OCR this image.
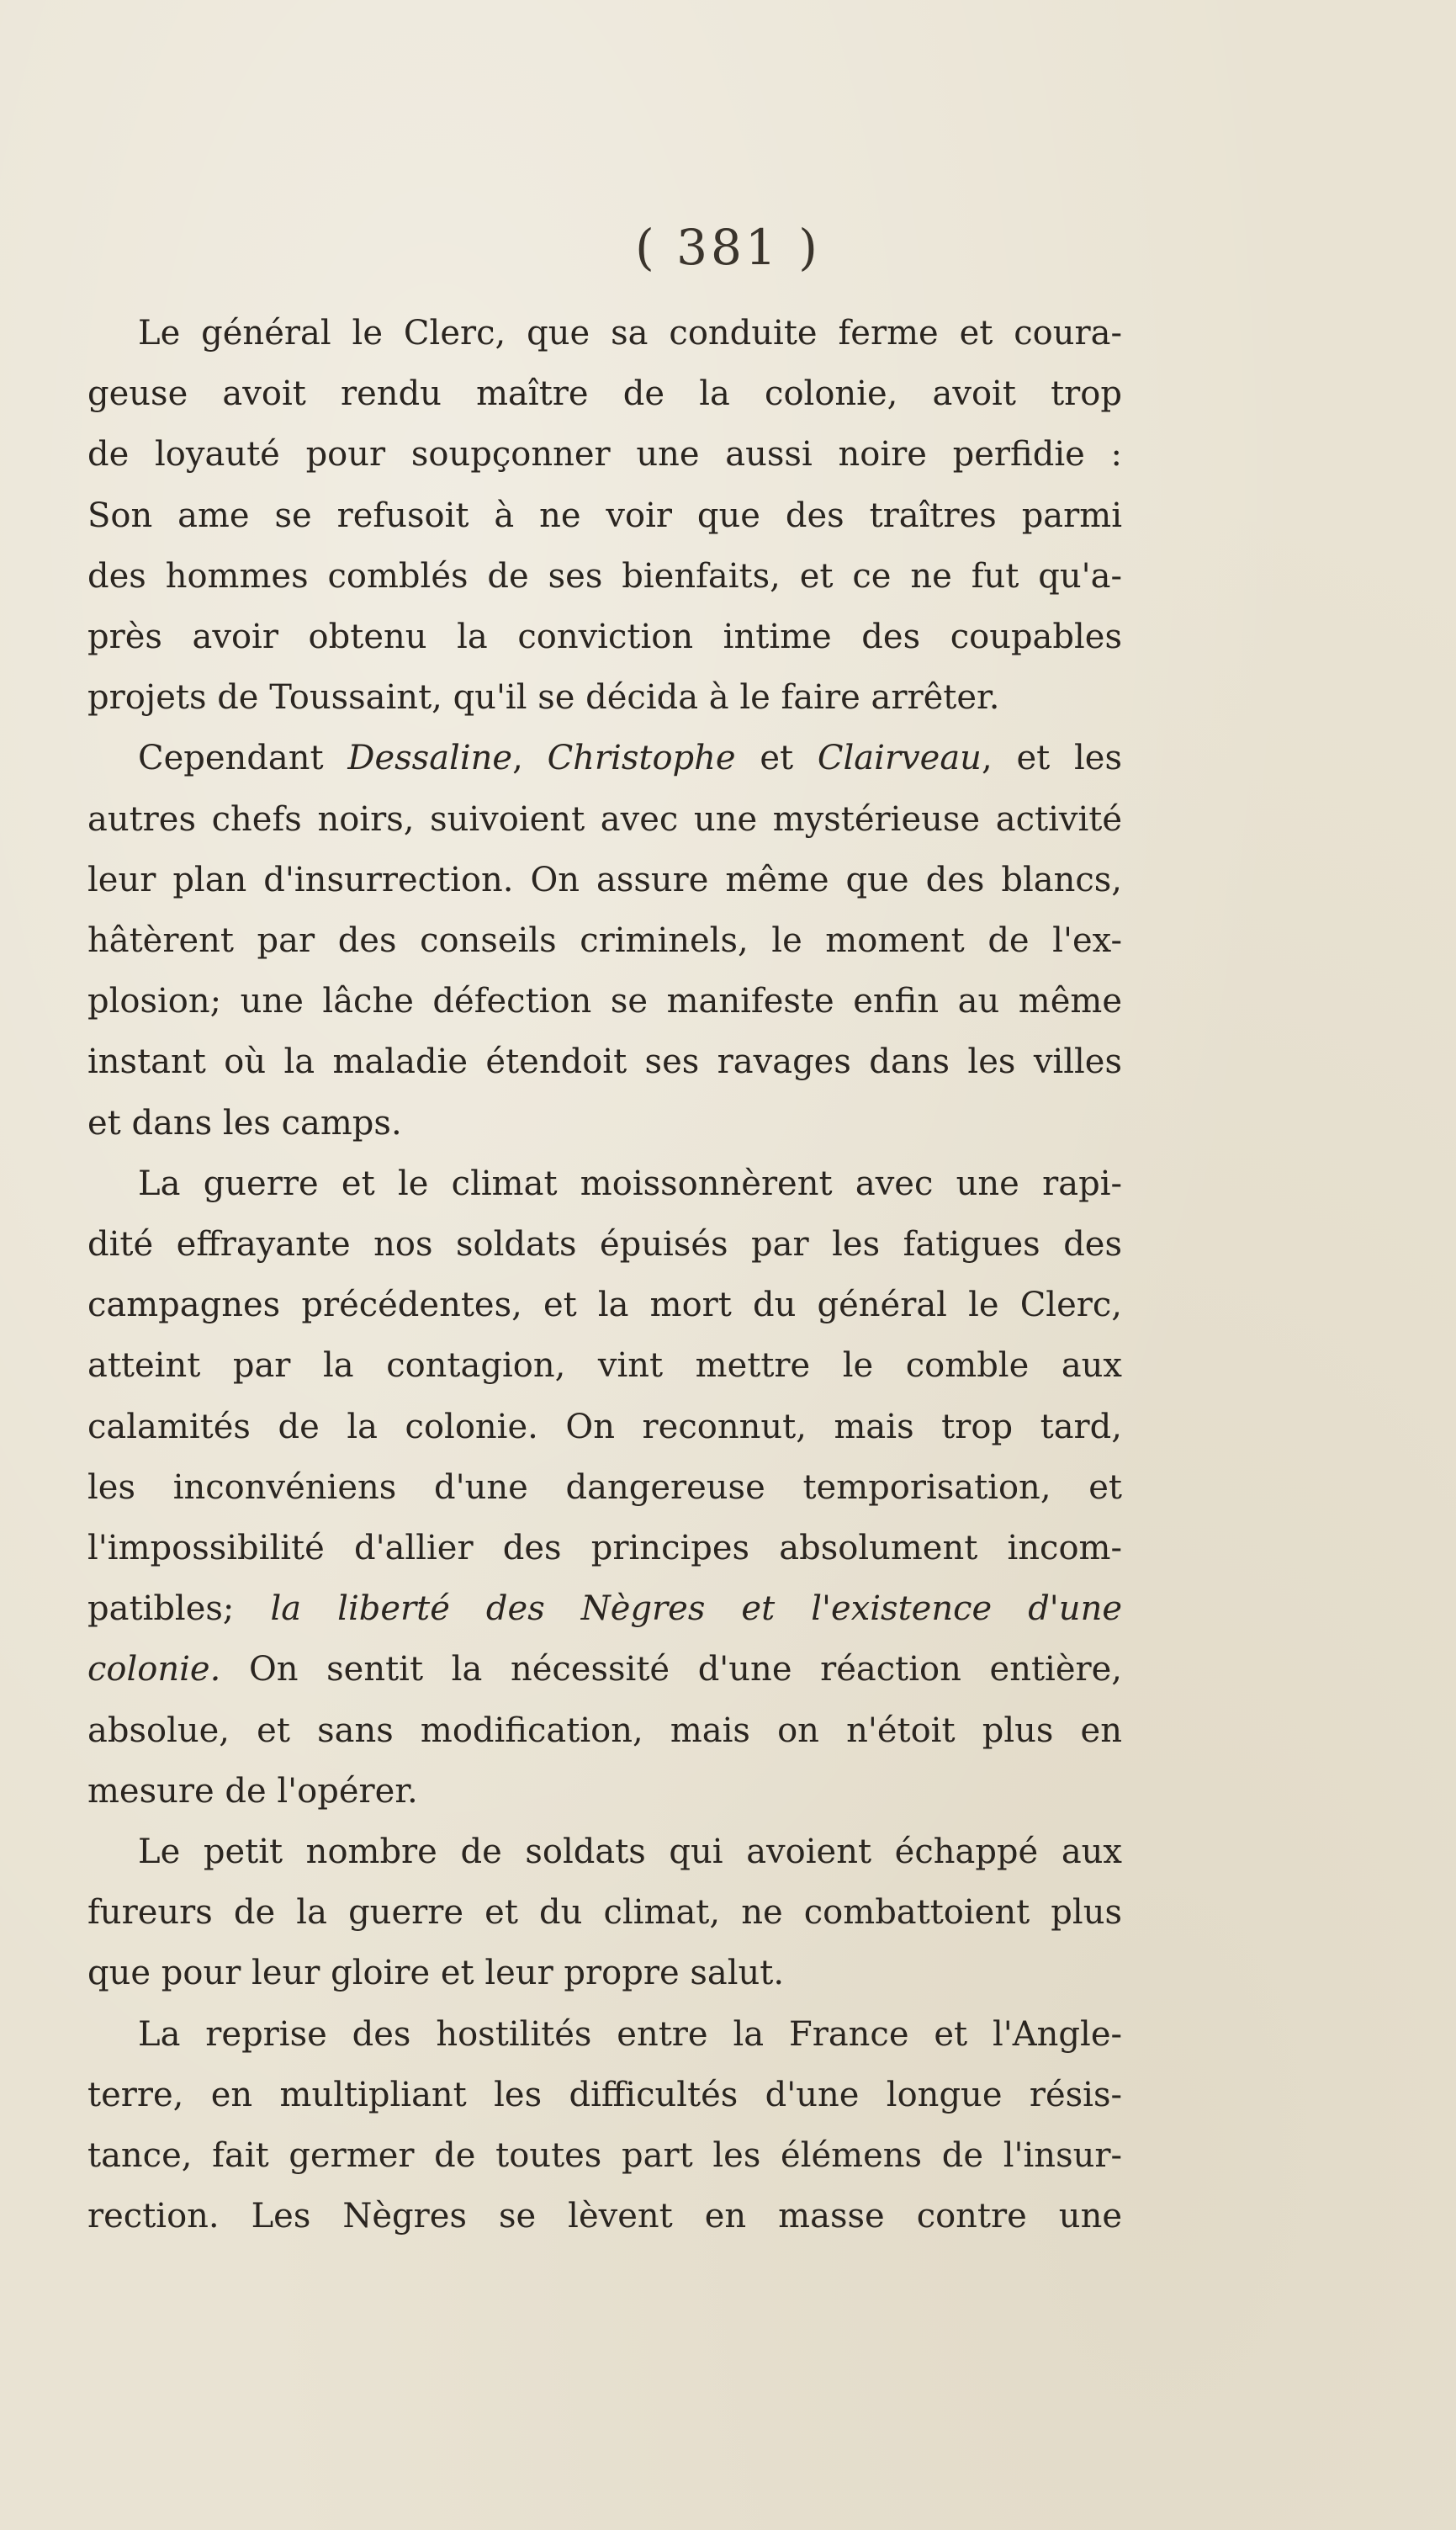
( 381 )
Le général le Clerc, que sa conduite ferme et coura-
geuse avoit rendu maître de la colonie, avoit trop
de loyauté pour soupçonner une aussi noire perfidie :
Son ame se refusoit à ne voir que des traîtres parmi
des hommes comblés de ses bienfaits, et ce ne fut qu'a-
près avoir obtenu la conviction intime des coupables
projets de Toussaint, qu'il se décida à le faire arrêter.
Cependant Dessaline, Christophe et Clairveau, et les
autres chefs noirs, suivoient avec une mystérieuse activité
leur plan d'insurrection. On assure même que des blancs,
hâtèrent par des conseils criminels, le moment de l'ex-
plosion; une lâche défection se manifeste enfin au même
instant où la maladie étendoit ses ravages dans les villes
et dans les camps.
La guerre et le climat moissonnèrent avec une rapi-
dité effrayante nos soldats épuisés par les fatigues des
campagnes précédentes, et la mort du général le Clerc,
atteint par la contagion, vint mettre le comble aux
calamités de la colonie. On reconnut, mais trop tard,
les inconvéniens d'une dangereuse temporisation, et
l'impossibilité d'allier des principes absolument incom-
patibles; la liberté des Nègres et l'existence d'une
colonie. On sentit la nécessité d'une réaction entière,
absolue, et sans modification, mais on n'étoit plus en
mesure de l'opérer.
Le petit nombre de soldats qui avoient échappé aux
fureurs de la guerre et du climat, ne combattoient plus
que pour leur gloire et leur propre salut.
La reprise des hostilités entre la France et l'Angle-
terre, en multipliant les difficultés d'une longue résis-
tance, fait germer de toutes part les élémens de l'insur-
rection. Les Nègres se lèvent en masse contre une
